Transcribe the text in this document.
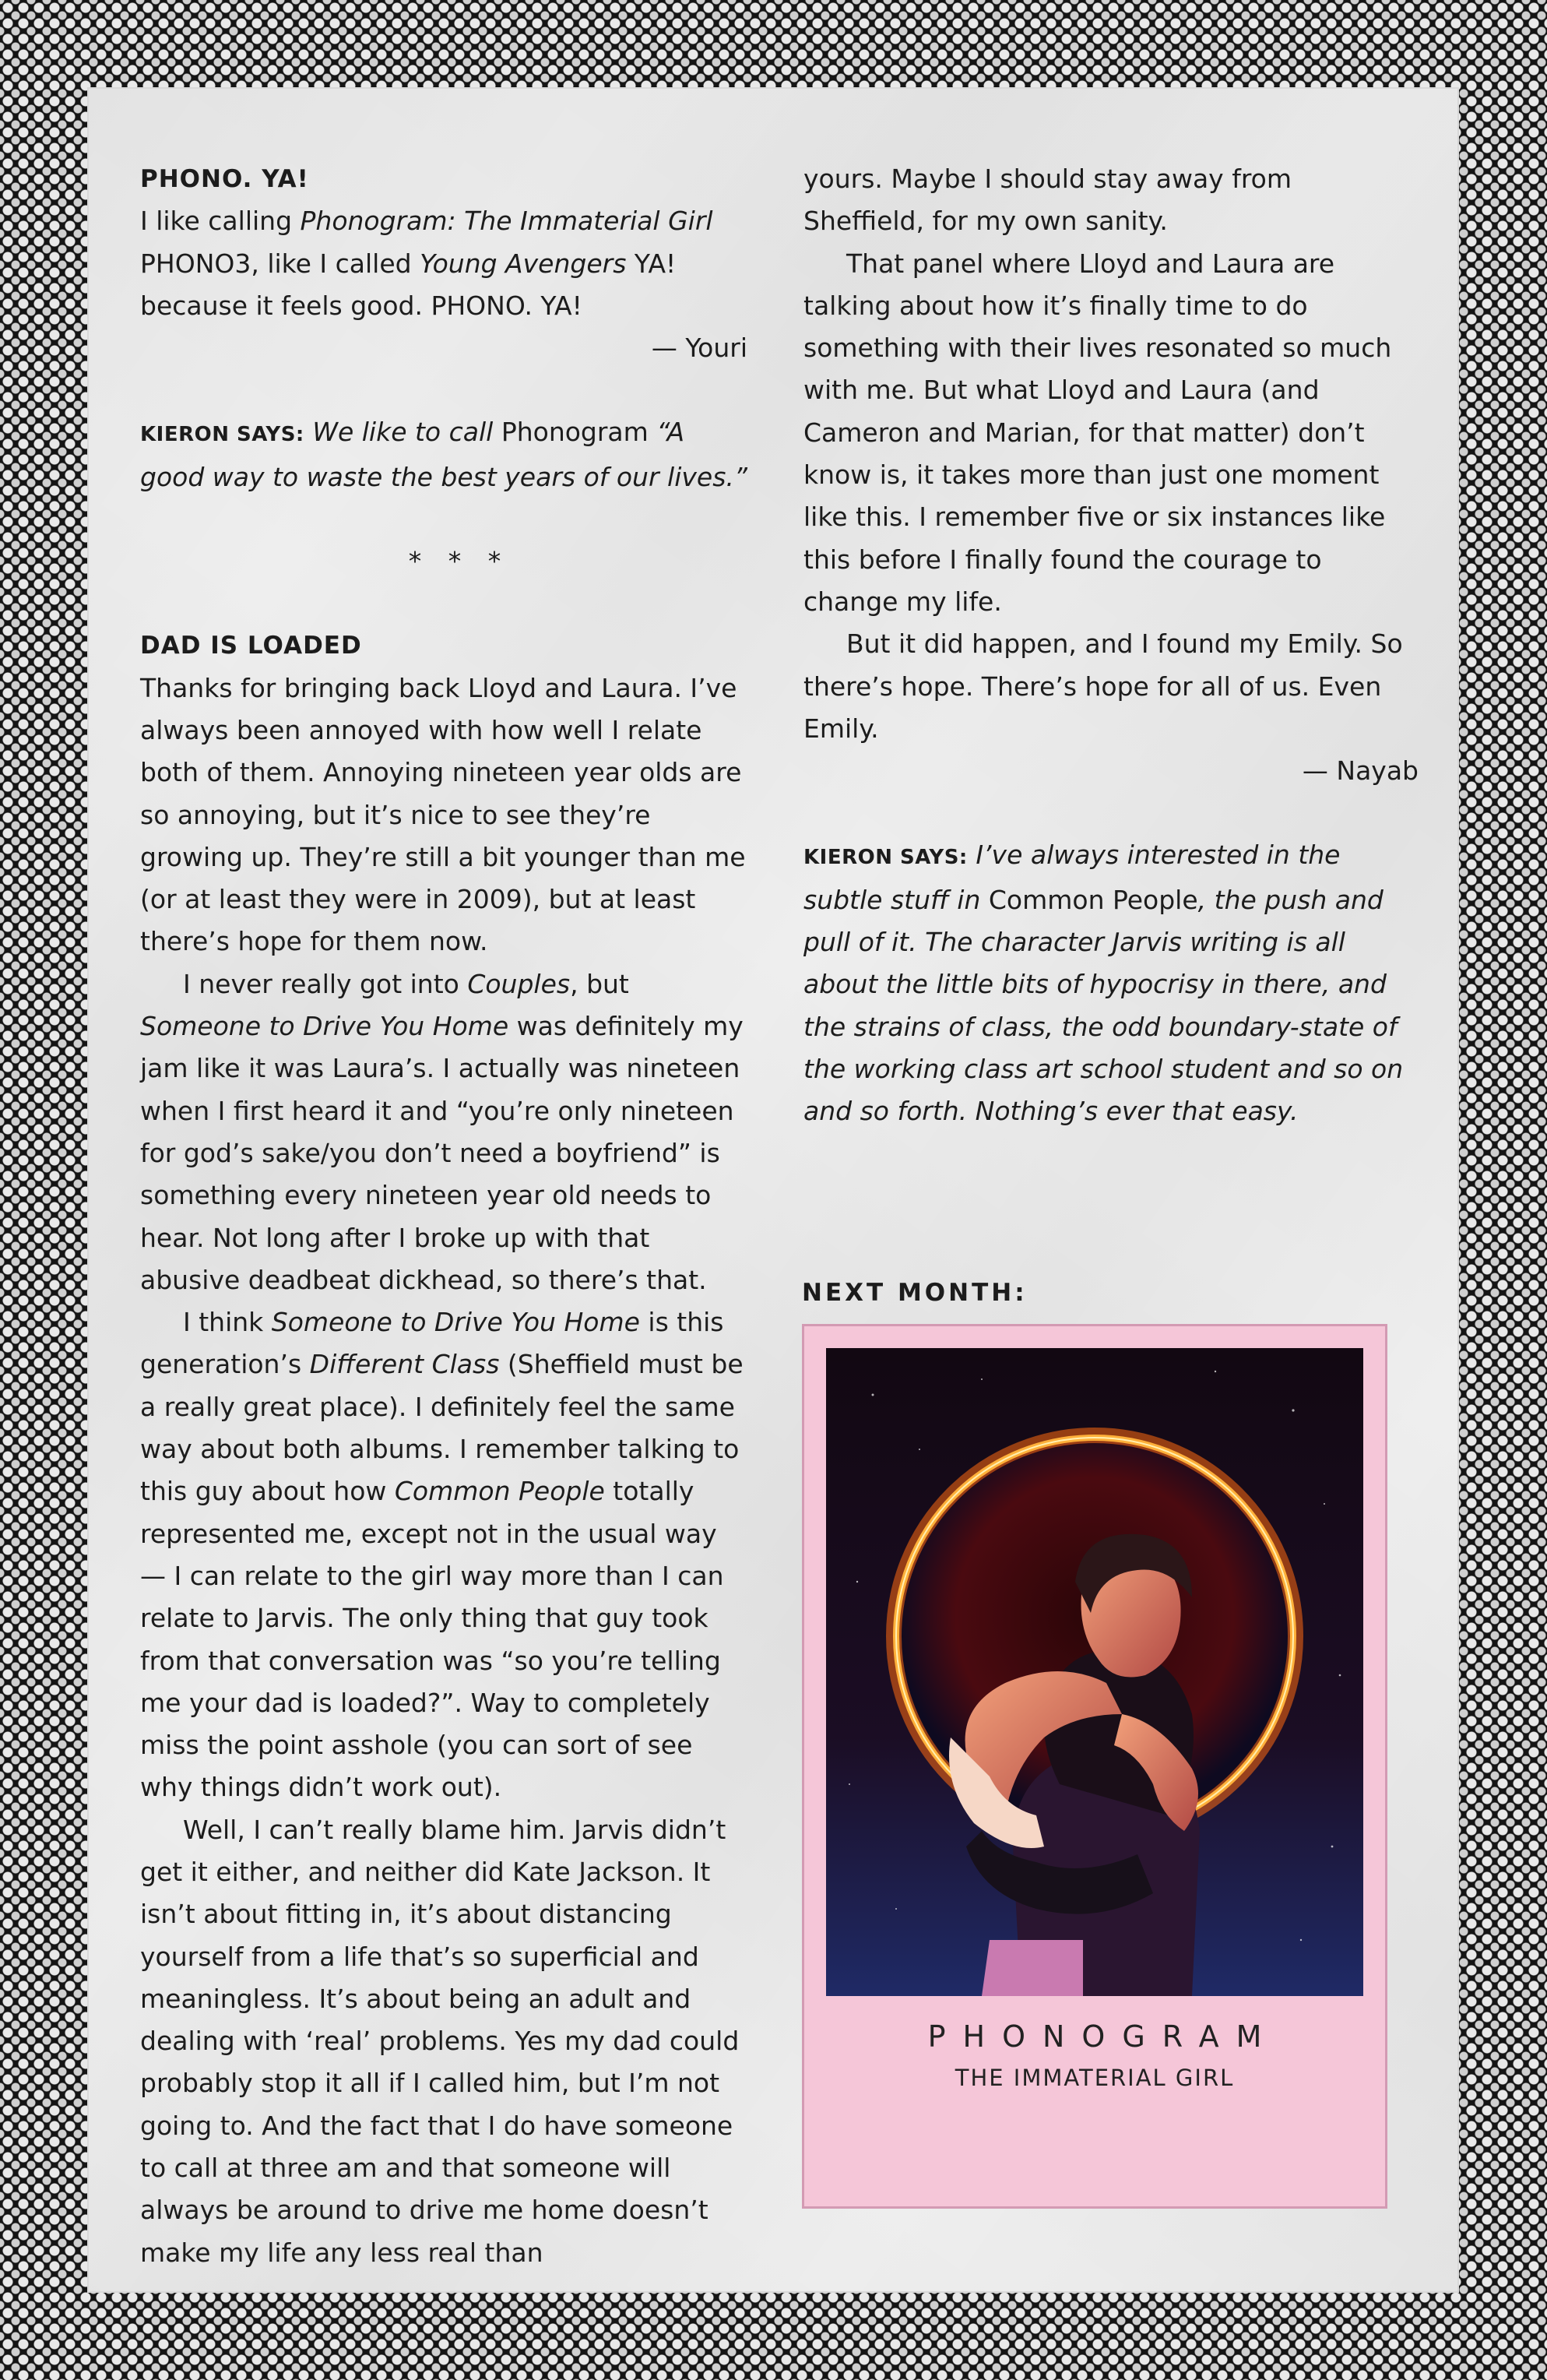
PHONO. YA!

I like calling Phonogram: The Immaterial Girl PHONO3, like I called Young Avengers YA! because it feels good. PHONO. YA!

— Youri

KIERON SAYS: We like to call Phonogram “A good way to waste the best years of our lives.”

* * *

DAD IS LOADED

Thanks for bringing back Lloyd and Laura. I’ve always been annoyed with how well I relate both of them. Annoying nineteen year olds are so annoying, but it’s nice to see they’re growing up. They’re still a bit younger than me (or at least they were in 2009), but at least there’s hope for them now.

I never really got into Couples, but Someone to Drive You Home was definitely my jam like it was Laura’s. I actually was nineteen when I first heard it and “you’re only nineteen for god’s sake/you don’t need a boyfriend” is something every nineteen year old needs to hear. Not long after I broke up with that abusive deadbeat dickhead, so there’s that.

I think Someone to Drive You Home is this generation’s Different Class (Sheffield must be a really great place). I definitely feel the same way about both albums. I remember talking to this guy about how Common People totally represented me, except not in the usual way — I can relate to the girl way more than I can relate to Jarvis. The only thing that guy took from that conversation was “so you’re telling me your dad is loaded?”. Way to completely miss the point asshole (you can sort of see why things didn’t work out).

Well, I can’t really blame him. Jarvis didn’t get it either, and neither did Kate Jackson. It isn’t about fitting in, it’s about distancing yourself from a life that’s so superficial and meaningless. It’s about being an adult and dealing with ‘real’ problems. Yes my dad could probably stop it all if I called him, but I’m not going to. And the fact that I do have someone to call at three am and that someone will always be around to drive me home doesn’t make my life any less real than

yours. Maybe I should stay away from Sheffield, for my own sanity.

That panel where Lloyd and Laura are talking about how it’s finally time to do something with their lives resonated so much with me. But what Lloyd and Laura (and Cameron and Marian, for that matter) don’t know is, it takes more than just one moment like this. I remember five or six instances like this before I finally found the courage to change my life.

But it did happen, and I found my Emily. So there’s hope. There’s hope for all of us. Even Emily.

— Nayab

KIERON SAYS: I’ve always interested in the subtle stuff in Common People, the push and pull of it. The character Jarvis writing is all about the little bits of hypocrisy in there, and the strains of class, the odd boundary-state of the working class art school student and so on and so forth. Nothing’s ever that easy.

NEXT MONTH:
PHONOGRAM
THE IMMATERIAL GIRL
